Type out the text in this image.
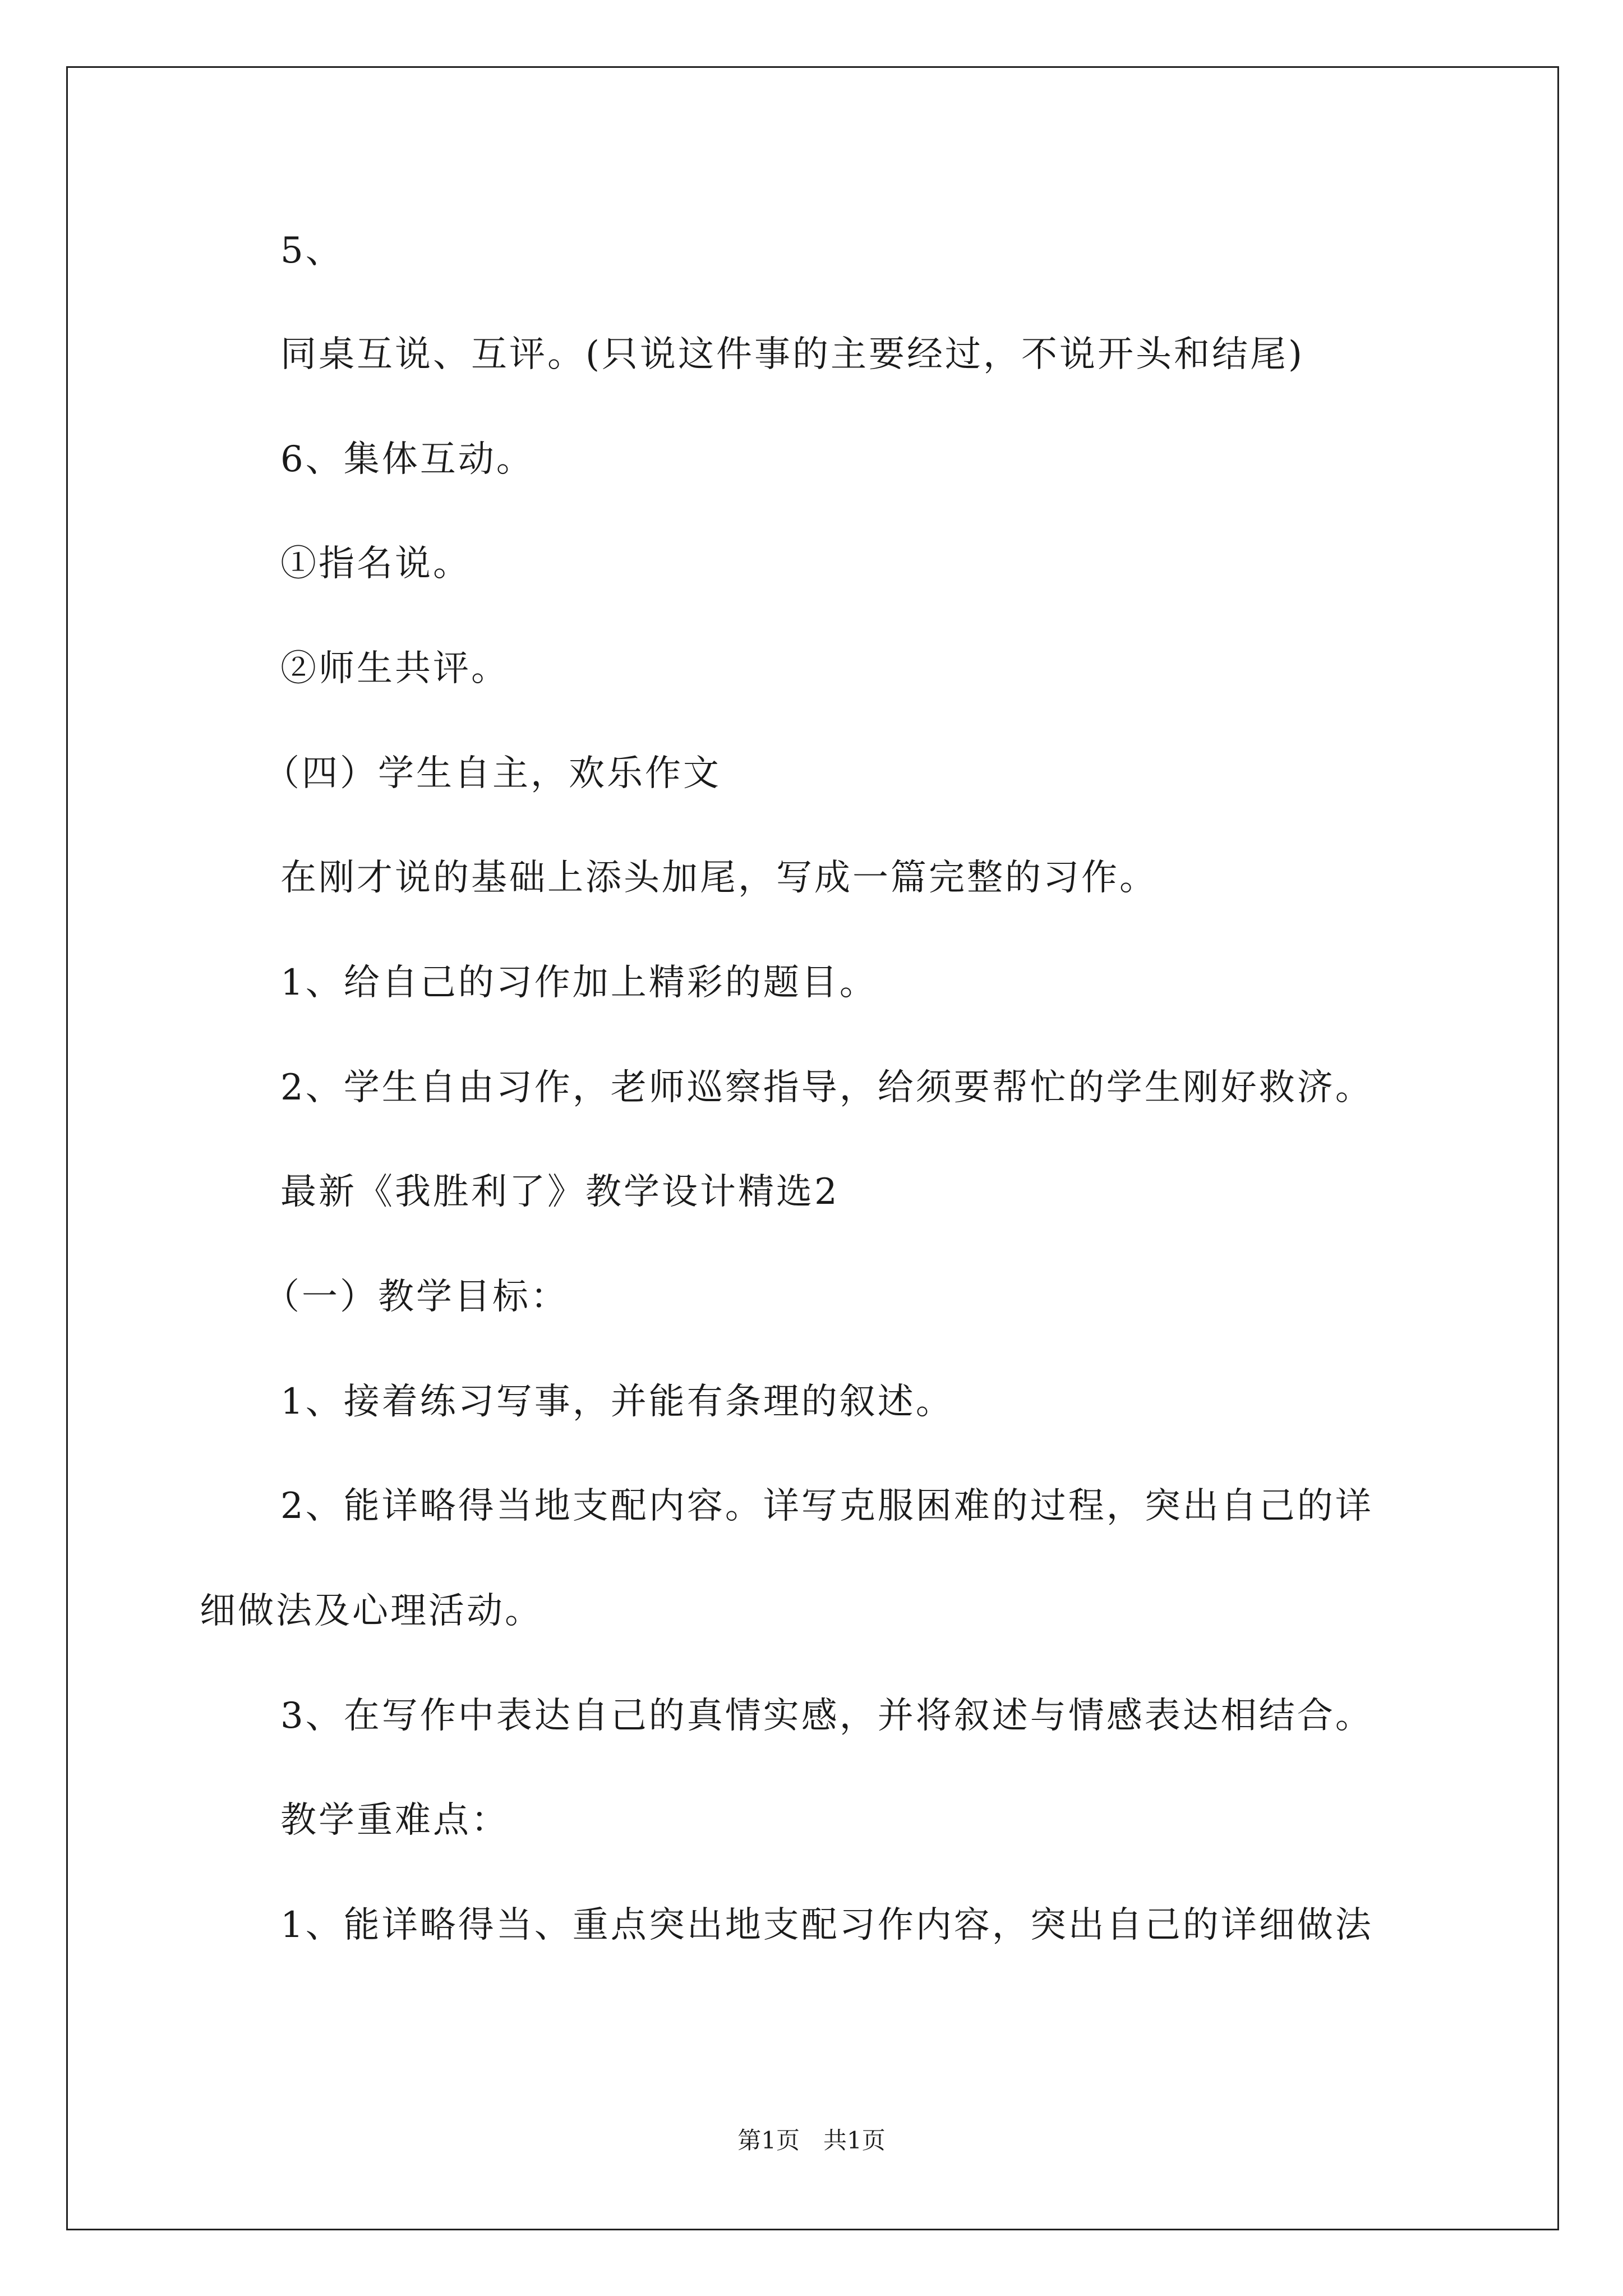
5、
同桌互说、互评。(只说这件事的主要经过，不说开头和结尾)
6、集体互动。
①指名说。
②师生共评。
（四）学生自主，欢乐作文
在刚才说的基础上添头加尾，写成一篇完整的习作。
1、给自己的习作加上精彩的题目。
2、学生自由习作，老师巡察指导，给须要帮忙的学生刚好救济。
最新《我胜利了》教学设计精选2
（一）教学目标：
1、接着练习写事，并能有条理的叙述。
2、能详略得当地支配内容。详写克服困难的过程，突出自己的详
细做法及心理活动。
3、在写作中表达自己的真情实感，并将叙述与情感表达相结合。
教学重难点：
1、能详略得当、重点突出地支配习作内容，突出自己的详细做法
第1页　共1页
